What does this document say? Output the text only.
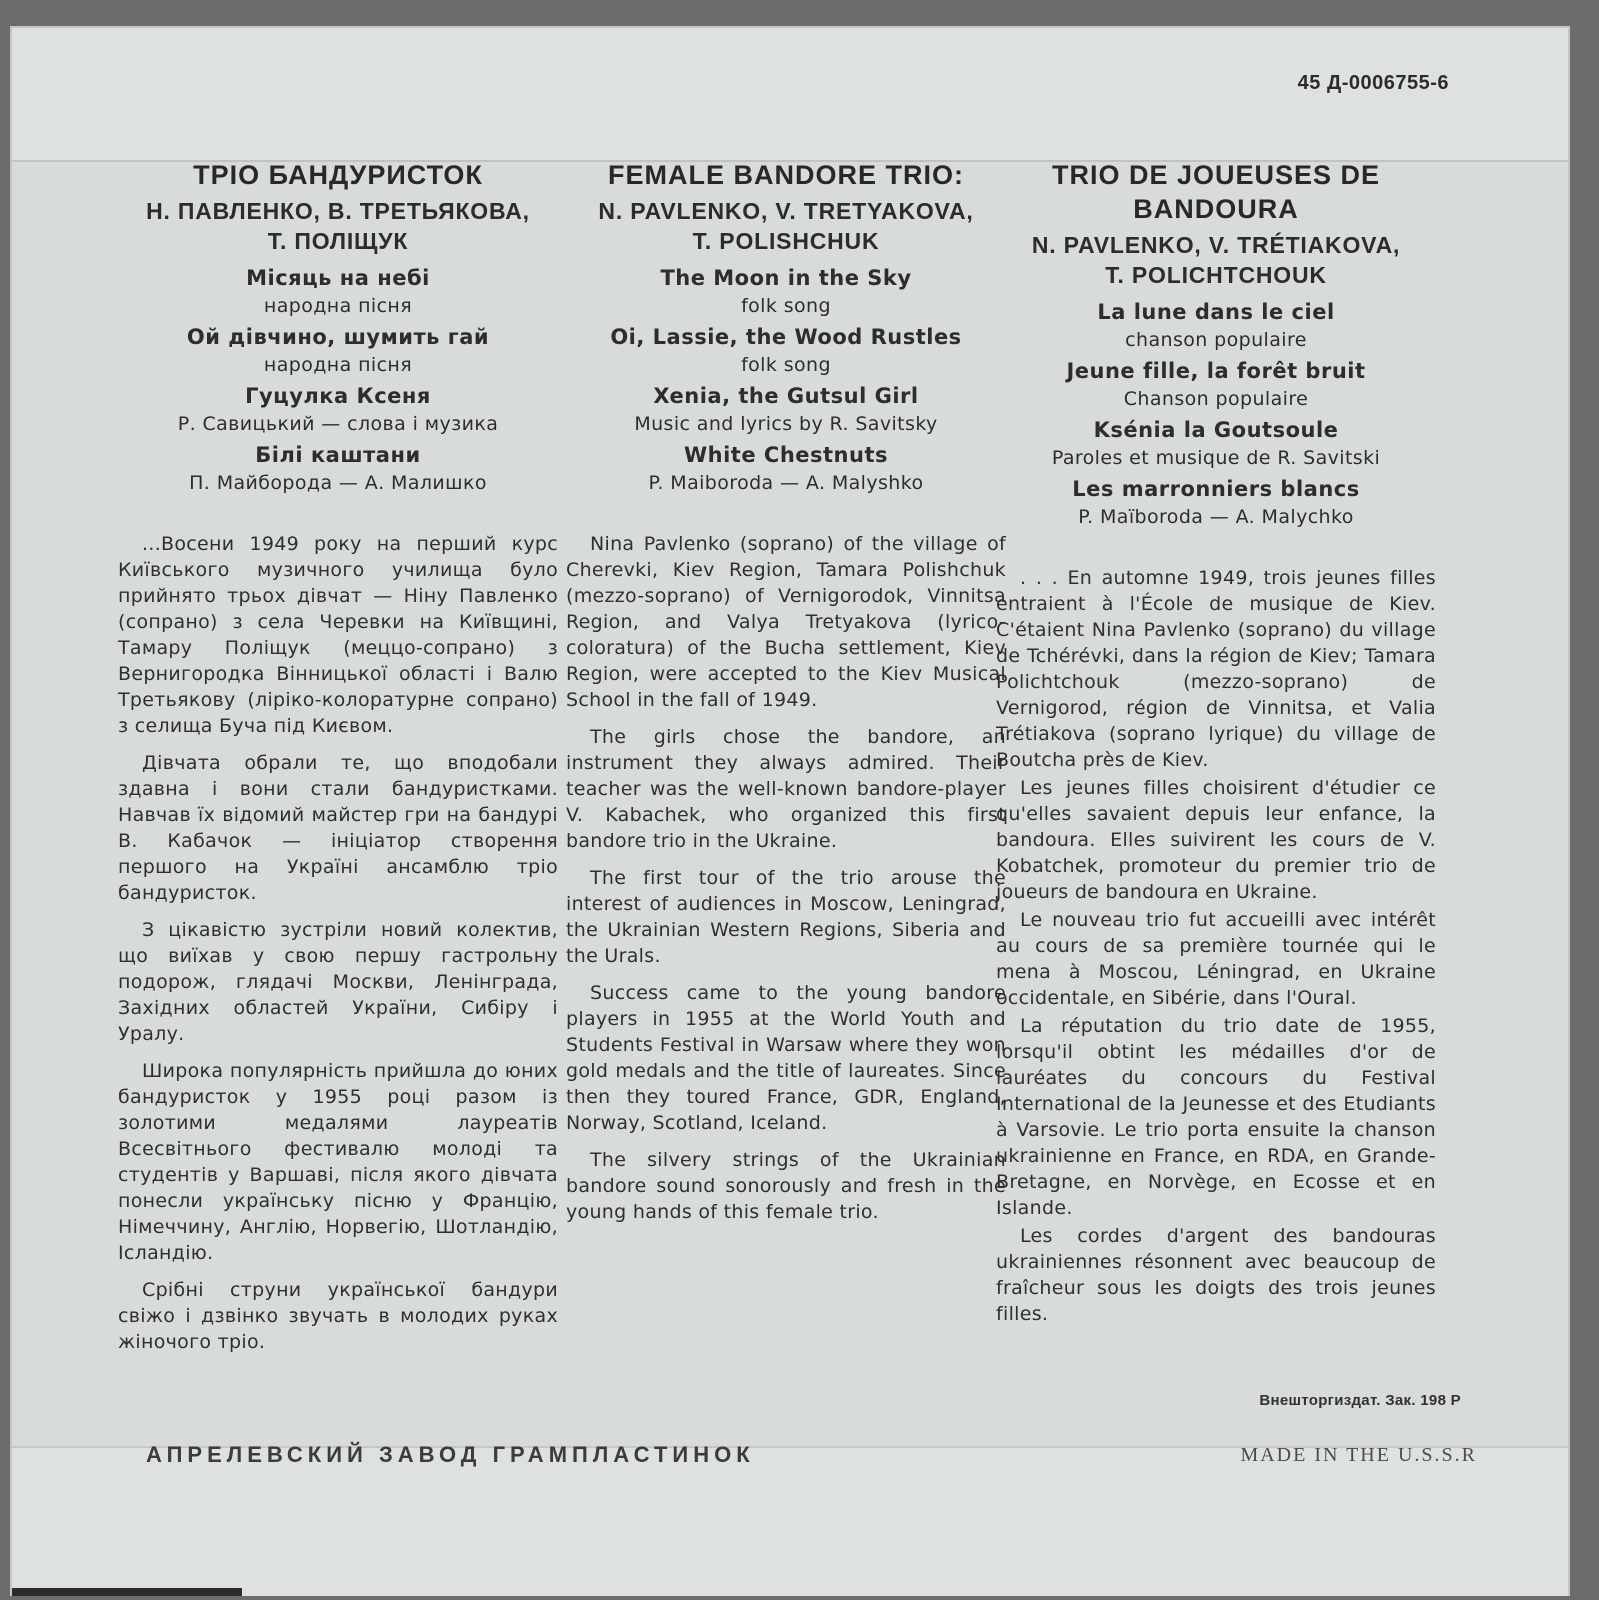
45 Д-0006755-6
ТРІО БАНДУРИСТОК
Н. ПАВЛЕНКО, В. ТРЕТЬЯКОВА,
Т. ПОЛІЩУК
Місяць на небі
народна пісня
Ой дівчино, шумить гай
народна пісня
Гуцулка Ксеня
Р. Савицький — слова і музика
Білі каштани
П. Майборода — А. Малишко

...Восени 1949 року на перший курс Київського музичного училища було прийнято трьох дівчат — Ніну Павленко (сопрано) з села Черевки на Київщині, Тамару Поліщук (меццо-сопрано) з Вернигородка Вінницької області і Валю Третьякову (ліріко-колоратурне сопрано) з селища Буча під Києвом.

Дівчата обрали те, що вподобали здавна і вони стали бандуристками. Навчав їх відомий майстер гри на бандурі В. Кабачок — ініціатор створення першого на Україні ансамблю тріо бандуристок.

З цікавістю зустріли новий колектив, що виїхав у свою першу гастрольну подорож, глядачі Москви, Ленінграда, Західних областей України, Сибіру і Уралу.

Широка популярність прийшла до юних бандуристок у 1955 році разом із золотими медалями лауреатів Всесвітнього фестивалю молоді та студентів у Варшаві, після якого дівчата понесли українську пісню у Францію, Німеччину, Англію, Норвегію, Шотландію, Ісландію.

Срібні струни української бандури свіжо і дзвінко звучать в молодих руках жіночого тріо.

FEMALE BANDORE TRIO:
N. PAVLENKO, V. TRETYAKOVA,
T. POLISHCHUK
The Moon in the Sky
folk song
Oi, Lassie, the Wood Rustles
folk song
Xenia, the Gutsul Girl
Music and lyrics by R. Savitsky
White Chestnuts
P. Maiboroda — A. Malyshko

Nina Pavlenko (soprano) of the village of Cherevki, Kiev Region, Tamara Polishchuk (mezzo-soprano) of Vernigorodok, Vinnitsa Region, and Valya Tretyakova (lyrico-coloratura) of the Bucha settlement, Kiev Region, were accepted to the Kiev Musical School in the fall of 1949.

The girls chose the bandore, an instrument they always admired. Their teacher was the well-known bandore-player V. Kabachek, who organized this first bandore trio in the Ukraine.

The first tour of the trio arouse the interest of audiences in Moscow, Leningrad, the Ukrainian Western Regions, Siberia and the Urals.

Success came to the young bandore players in 1955 at the World Youth and Students Festival in Warsaw where they won gold medals and the title of laureates. Since then they toured France, GDR, England, Norway, Scotland, Iceland.

The silvery strings of the Ukrainian bandore sound sonorously and fresh in the young hands of this female trio.

TRIO DE JOUEUSES DE BANDOURA
N. PAVLENKO, V. TRÉTIAKOVA,
T. POLICHTCHOUK
La lune dans le ciel
chanson populaire
Jeune fille, la forêt bruit
Chanson populaire
Ksénia la Goutsoule
Paroles et musique de R. Savitski
Les marronniers blancs
P. Maïboroda — A. Malychko

. . . En automne 1949, trois jeunes filles entraient à l'École de musique de Kiev. C'étaient Nina Pavlenko (soprano) du village de Tchérévki, dans la région de Kiev; Tamara Polichtchouk (mezzo-soprano) de Vernigorod, région de Vinnitsa, et Valia Trétiakova (soprano lyrique) du village de Boutcha près de Kiev.

Les jeunes filles choisirent d'étudier ce qu'elles savaient depuis leur enfance, la bandoura. Elles suivirent les cours de V. Kobatchek, promoteur du premier trio de joueurs de bandoura en Ukraine.

Le nouveau trio fut accueilli avec intérêt au cours de sa première tournée qui le mena à Moscou, Léningrad, en Ukraine occidentale, en Sibérie, dans l'Oural.

La réputation du trio date de 1955, lorsqu'il obtint les médailles d'or de lauréates du concours du Festival International de la Jeunesse et des Etudiants à Varsovie. Le trio porta ensuite la chanson ukrainienne en France, en RDA, en Grande-Bretagne, en Norvège, en Ecosse et en Islande.

Les cordes d'argent des bandouras ukrainiennes résonnent avec beaucoup de fraîcheur sous les doigts des trois jeunes filles.

Внешторгиздат. Зак. 198 Р
АПРЕЛЕВСКИЙ ЗАВОД ГРАМПЛАСТИНОК	MADE IN THE U.S.S.R
